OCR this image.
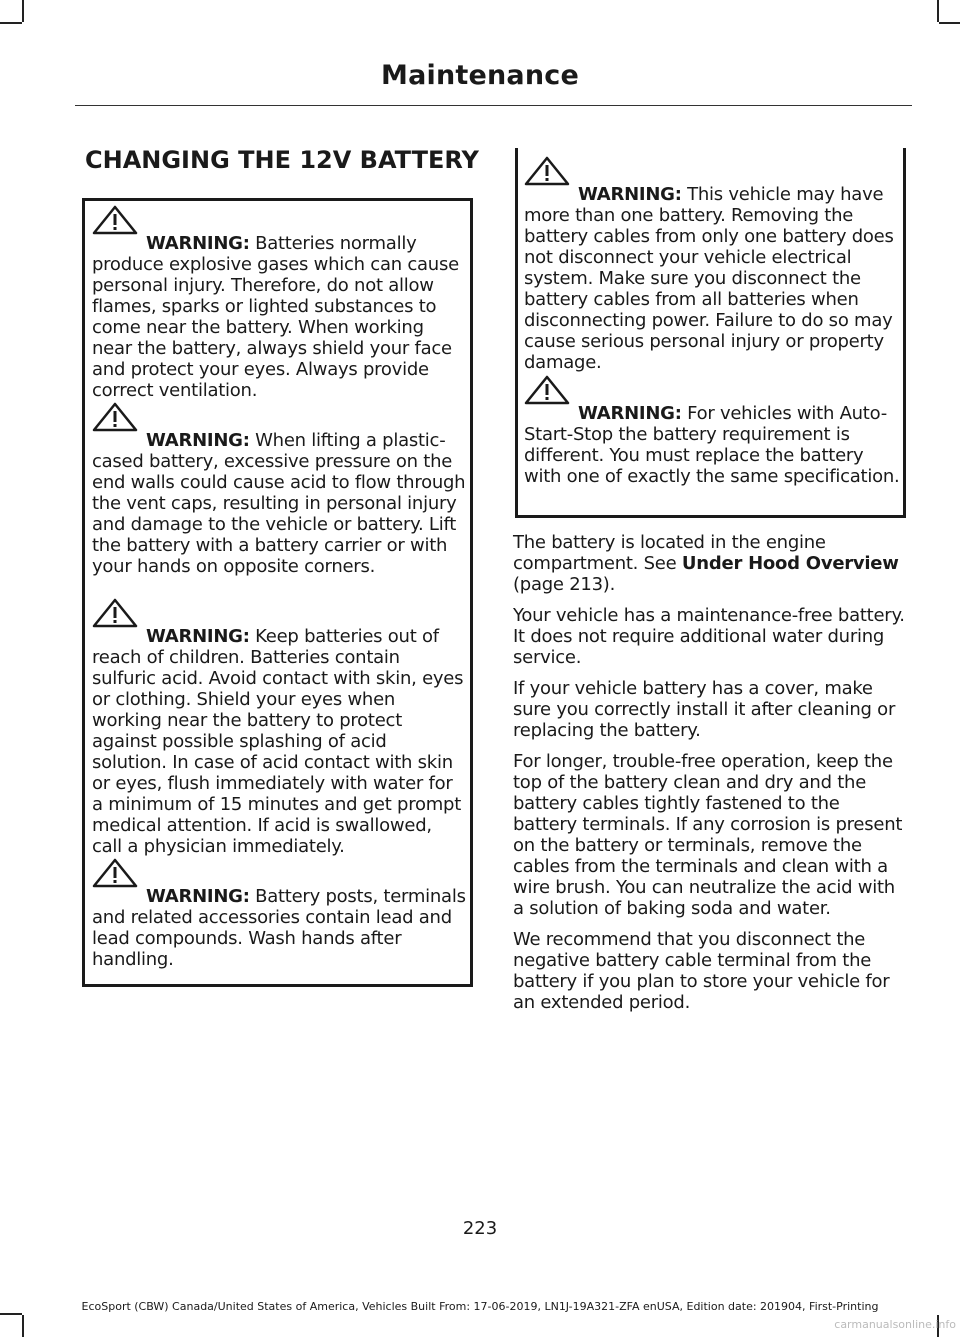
Maintenance
CHANGING THE 12V BATTERY
WARNING: Batteries normally produce explosive gases which can cause personal injury. Therefore, do not allow flames, sparks or lighted substances to come near the battery. When working near the battery, always shield your face and protect your eyes. Always provide correct ventilation.
WARNING: When lifting a plastic-cased battery, excessive pressure on the end walls could cause acid to flow through the vent caps, resulting in personal injury and damage to the vehicle or battery. Lift the battery with a battery carrier or with your hands on opposite corners.
WARNING: Keep batteries out of reach of children. Batteries contain sulfuric acid. Avoid contact with skin, eyes or clothing. Shield your eyes when working near the battery to protect against possible splashing of acid solution. In case of acid contact with skin or eyes, flush immediately with water for a minimum of 15 minutes and get prompt medical attention. If acid is swallowed, call a physician immediately.
WARNING: Battery posts, terminals and related accessories contain lead and lead compounds. Wash hands after handling.
WARNING: This vehicle may have more than one battery. Removing the battery cables from only one battery does not disconnect your vehicle electrical system. Make sure you disconnect the battery cables from all batteries when disconnecting power. Failure to do so may cause serious personal injury or property damage.
WARNING: For vehicles with Auto-Start-Stop the battery requirement is different. You must replace the battery with one of exactly the same specification.

The battery is located in the engine compartment. See Under Hood Overview (page 213).

Your vehicle has a maintenance-free battery. It does not require additional water during service.

If your vehicle battery has a cover, make sure you correctly install it after cleaning or replacing the battery.

For longer, trouble-free operation, keep the top of the battery clean and dry and the battery cables tightly fastened to the battery terminals. If any corrosion is present on the battery or terminals, remove the cables from the terminals and clean with a wire brush. You can neutralize the acid with a solution of baking soda and water.

We recommend that you disconnect the negative battery cable terminal from the battery if you plan to store your vehicle for an extended period.

223
EcoSport (CBW) Canada/United States of America, Vehicles Built From: 17-06-2019, LN1J-19A321-ZFA enUSA, Edition date: 201904, First-Printing
carmanualsonline.info
